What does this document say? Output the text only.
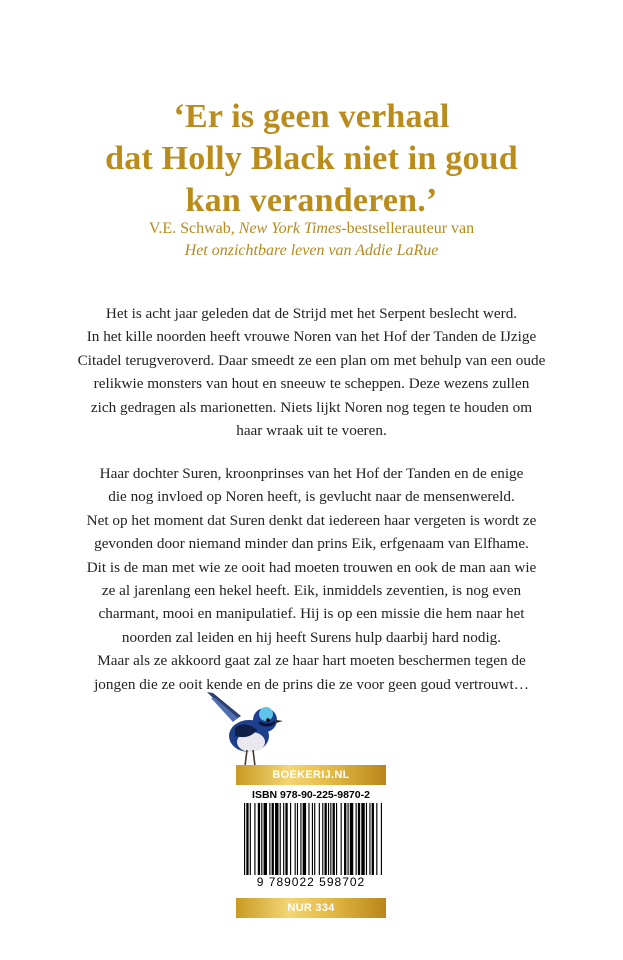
‘Er is geen verhaal
dat Holly Black niet in goud
kan veranderen.’
V.E. Schwab, New York Times-bestsellerauteur van
Het onzichtbare leven van Addie LaRue
Het is acht jaar geleden dat de Strijd met het Serpent beslecht werd.
In het kille noorden heeft vrouwe Noren van het Hof der Tanden de IJzige
Citadel terugveroverd. Daar smeedt ze een plan om met behulp van een oude
relikwie monsters van hout en sneeuw te scheppen. Deze wezens zullen
zich gedragen als marionetten. Niets lijkt Noren nog tegen te houden om
haar wraak uit te voeren.
Haar dochter Suren, kroonprinses van het Hof der Tanden en de enige
die nog invloed op Noren heeft, is gevlucht naar de mensenwereld.
Net op het moment dat Suren denkt dat iedereen haar vergeten is wordt ze
gevonden door niemand minder dan prins Eik, erfgenaam van Elfhame.
Dit is de man met wie ze ooit had moeten trouwen en ook de man aan wie
ze al jarenlang een hekel heeft. Eik, inmiddels zeventien, is nog even
charmant, mooi en manipulatief. Hij is op een missie die hem naar het
noorden zal leiden en hij heeft Surens hulp daarbij hard nodig.
Maar als ze akkoord gaat zal ze haar hart moeten beschermen tegen de
jongen die ze ooit kende en de prins die ze voor geen goud vertrouwt…
BOEKERIJ.NL
ISBN 978-90-225-9870-2
9 789022 598702
NUR 334
